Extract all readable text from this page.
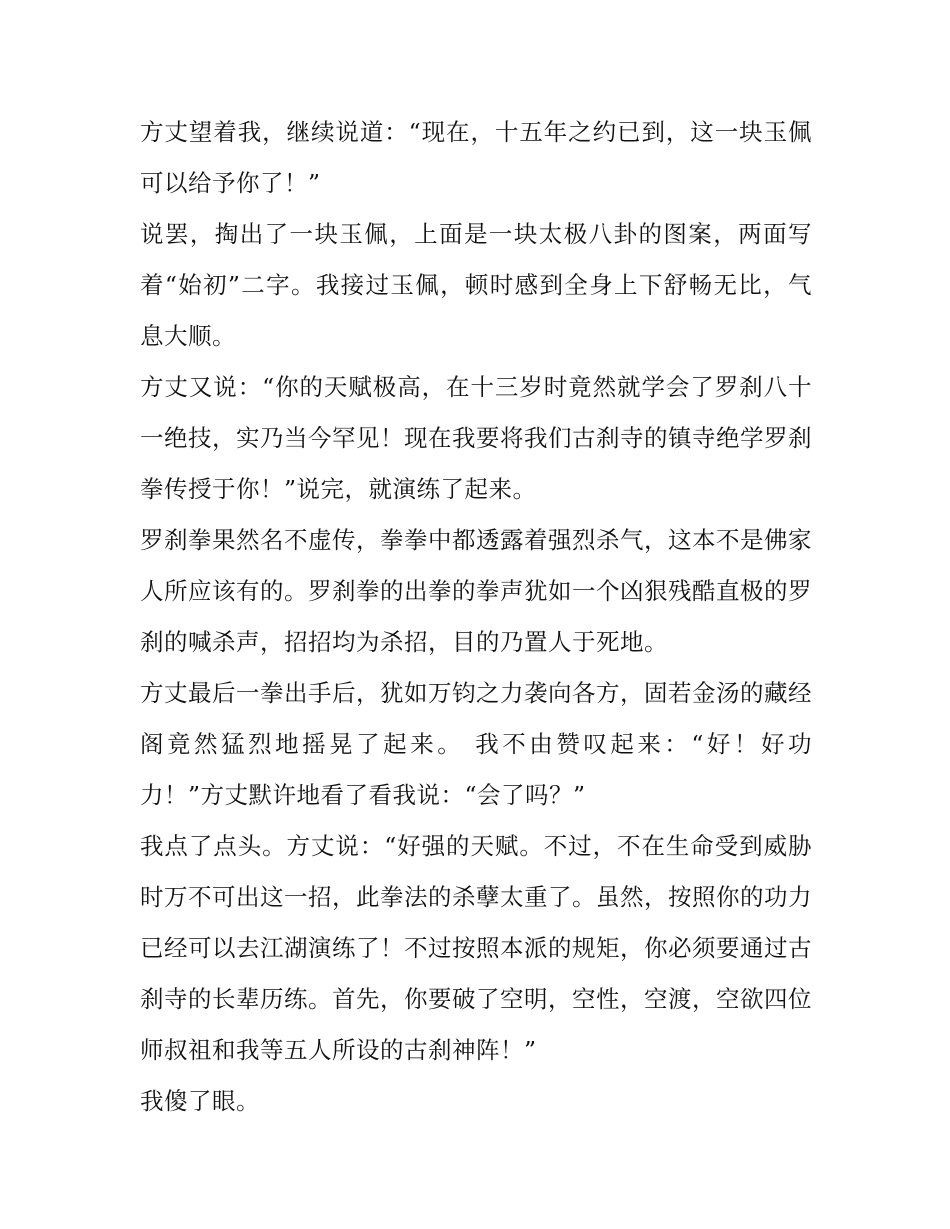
方丈望着我，继续说道：“现在，十五年之约已到，这一块玉佩可以给予你了！”

说罢，掏出了一块玉佩，上面是一块太极八卦的图案，两面写着“始初”二字。我接过玉佩，顿时感到全身上下舒畅无比，气息大顺。

方丈又说：“你的天赋极高，在十三岁时竟然就学会了罗刹八十一绝技，实乃当今罕见！现在我要将我们古刹寺的镇寺绝学罗刹拳传授于你！”说完，就演练了起来。

罗刹拳果然名不虚传，拳拳中都透露着强烈杀气，这本不是佛家人所应该有的。罗刹拳的出拳的拳声犹如一个凶狠残酷直极的罗刹的喊杀声，招招均为杀招，目的乃置人于死地。

方丈最后一拳出手后，犹如万钧之力袭向各方，固若金汤的藏经阁竟然猛烈地摇晃了起来。 我不由赞叹起来：“好！好功力！”方丈默许地看了看我说：“会了吗？”

我点了点头。方丈说：“好强的天赋。不过，不在生命受到威胁时万不可出这一招，此拳法的杀孽太重了。虽然，按照你的功力已经可以去江湖演练了！不过按照本派的规矩，你必须要通过古刹寺的长辈历练。首先，你要破了空明，空性，空渡，空欲四位师叔祖和我等五人所设的古刹神阵！”

我傻了眼。
